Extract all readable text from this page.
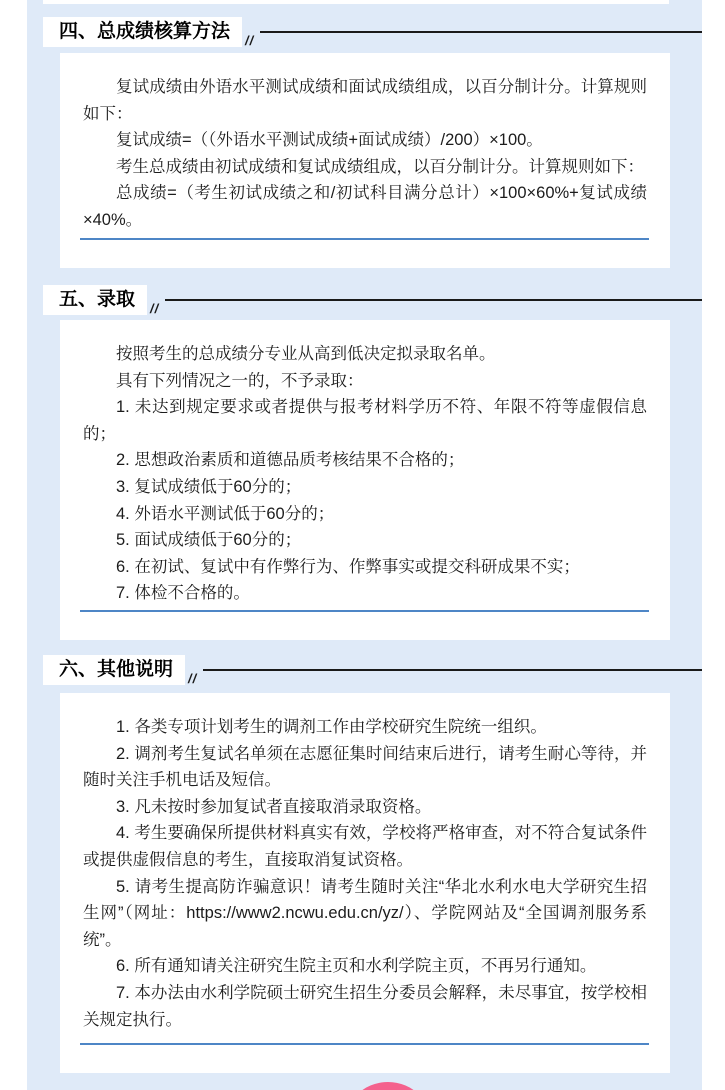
四、总成绩核算方法	//

复试成绩由外语水平测试成绩和面试成绩组成，以百分制计分。计算规则如下：

复试成绩=（（外语水平测试成绩+面试成绩）/200）×100。

考生总成绩由初试成绩和复试成绩组成，以百分制计分。计算规则如下：

总成绩=（考生初试成绩之和/初试科目满分总计）×100×60%+复试成绩×40%。

五、录取	//

按照考生的总成绩分专业从高到低决定拟录取名单。

具有下列情况之一的，不予录取：

1. 未达到规定要求或者提供与报考材料学历不符、年限不符等虚假信息的；

2. 思想政治素质和道德品质考核结果不合格的；

3. 复试成绩低于60分的；

4. 外语水平测试低于60分的；

5. 面试成绩低于60分的；

6. 在初试、复试中有作弊行为、作弊事实或提交科研成果不实；

7. 体检不合格的。

六、其他说明	//

1. 各类专项计划考生的调剂工作由学校研究生院统一组织。

2. 调剂考生复试名单须在志愿征集时间结束后进行，请考生耐心等待，并随时关注手机电话及短信。

3. 凡未按时参加复试者直接取消录取资格。

4. 考生要确保所提供材料真实有效，学校将严格审查，对不符合复试条件或提供虚假信息的考生，直接取消复试资格。

5. 请考生提高防诈骗意识！请考生随时关注“华北水利水电大学研究生招生网”（网址：https://www2.ncwu.edu.cn/yz/）、学院网站及“全国调剂服务系统”。

6. 所有通知请关注研究生院主页和水利学院主页，不再另行通知。

7. 本办法由水利学院硕士研究生招生分委员会解释，未尽事宜，按学校相关规定执行。
